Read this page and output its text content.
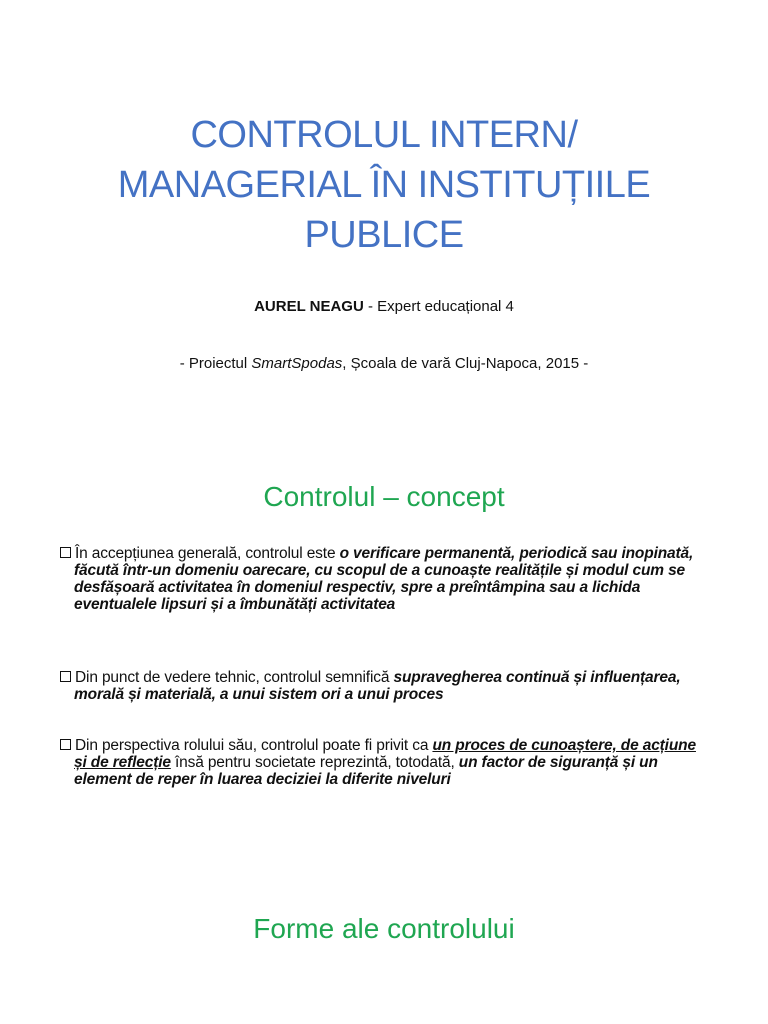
CONTROLUL INTERN/
MANAGERIAL ÎN INSTITUȚIILE
PUBLICE
AUREL NEAGU - Expert educațional 4
- Proiectul SmartSpodas, Școala de vară Cluj-Napoca, 2015 -
Controlul – concept
În accepțiunea generală, controlul este o verificare permanentă, periodică sau inopinată, făcută într-un domeniu oarecare, cu scopul de a cunoaște realitățile și modul cum se desfășoară activitatea în domeniul respectiv, spre a preîntâmpina sau a lichida eventualele lipsuri și a îmbunătăți activitatea
Din punct de vedere tehnic, controlul semnifică supravegherea continuă și influențarea, morală și materială, a unui sistem ori a unui proces
Din perspectiva rolului său, controlul poate fi privit ca un proces de cunoaștere, de acțiune și de reflecție însă pentru societate reprezintă, totodată, un factor de siguranță și un element de reper în luarea deciziei la diferite niveluri
Forme ale controlului
